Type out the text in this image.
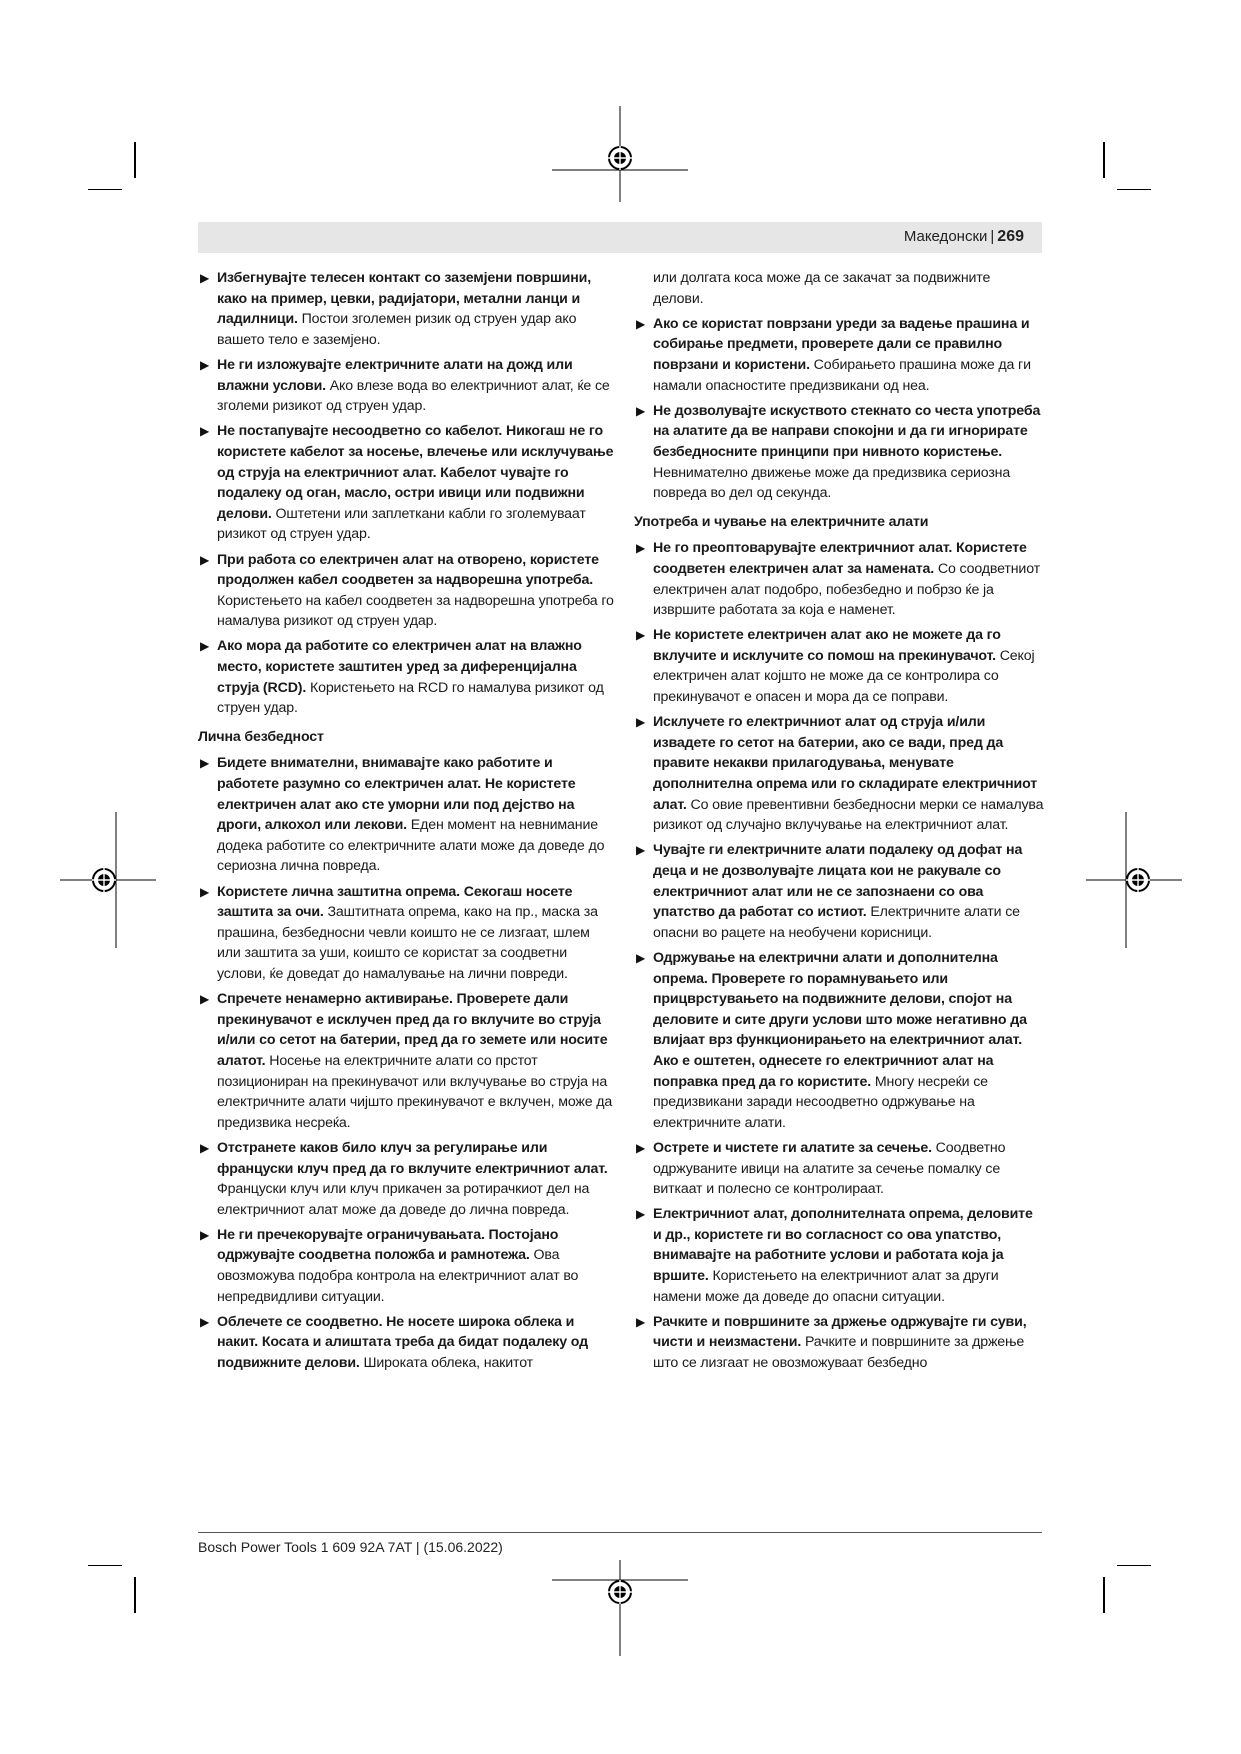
Македонски | 269
▶ Избегнувајте телесен контакт со заземјени површини, како на пример, цевки, радијатори, метални ланци и ладилници. Постои зголемен ризик од струен удар ако вашето тело е заземјено.
▶ Не ги изложувајте електричните алати на дожд или влажни услови. Ако влезе вода во електричниот алат, ќе се зголеми ризикот од струен удар.
▶ Не постапувајте несоодветно со кабелот. Никогаш не го користете кабелот за носење, влечење или исклучување од струја на електричниот алат. Кабелот чувајте го подалеку од оган, масло, остри ивици или подвижни делови. Оштетени или заплеткани кабли го зголемуваат ризикот од струен удар.
▶ При работа со електричен алат на отворено, користете продолжен кабел соодветен за надворешна употреба. Користењето на кабел соодветен за надворешна употреба го намалува ризикот од струен удар.
▶ Ако мора да работите со електричен алат на влажно место, користете заштитен уред за диференцијална струја (RCD). Користењето на RCD го намалува ризикот од струен удар.
Лична безбедност
▶ Бидете внимателни, внимавајте како работите и работете разумно со електричен алат. Не користете електричен алат ако сте уморни или под дејство на дроги, алкохол или лекови. Еден момент на невнимание додека работите со електричните алати може да доведе до сериозна лична повреда.
▶ Користете лична заштитна опрема. Секогаш носете заштита за очи. Заштитната опрема, како на пр., маска за прашина, безбедносни чевли коишто не се лизгаат, шлем или заштита за уши, коишто се користат за соодветни услови, ќе доведат до намалување на лични повреди.
▶ Спречете ненамерно активирање. Проверете дали прекинувачот е исклучен пред да го вклучите во струја и/или со сетот на батерии, пред да го земете или носите алатот. Носење на електричните алати со прстот позициониран на прекинувачот или вклучување во струја на електричните алати чијшто прекинувачот е вклучен, може да предизвика несреќа.
▶ Отстранете каков било клуч за регулирање или француски клуч пред да го вклучите електричниот алат. Француски клуч или клуч прикачен за ротирачкиот дел на електричниот алат може да доведе до лична повреда.
▶ Не ги пречекорувајте ограничувањата. Постојано одржувајте соодветна положба и рамнотежа. Ова овозможува подобра контрола на електричниот алат во непредвидливи ситуации.
▶ Облечете се соодветно. Не носете широка облека и накит. Косата и алиштата треба да бидат подалеку од подвижните делови. Широката облека, накитот
или долгата коса може да се закачат за подвижните делови.
▶ Ако се користат поврзани уреди за вадење прашина и собирање предмети, проверете дали се правилно поврзани и користени. Собирањето прашина може да ги намали опасностите предизвикани од неа.
▶ Не дозволувајте искуството стекнато со честа употреба на алатите да ве направи спокојни и да ги игнорирате безбедносните принципи при нивното користење. Невнимателно движење може да предизвика сериозна повреда во дел од секунда.
Употреба и чување на електричните алати
▶ Не го преоптоварувајте електричниот алат. Користете соодветен електричен алат за намената. Со соодветниот електричен алат подобро, побезбедно и побрзо ќе ја извршите работата за која е наменет.
▶ Не користете електричен алат ако не можете да го вклучите и исклучите со помош на прекинувачот. Секој електричен алат којшто не може да се контролира со прекинувачот е опасен и мора да се поправи.
▶ Исклучете го електричниот алат од струја и/или извадете го сетот на батерии, ако се вади, пред да правите некакви прилагодувања, менувате дополнителна опрема или го складирате електричниот алат. Со овие превентивни безбедносни мерки се намалува ризикот од случајно вклучување на електричниот алат.
▶ Чувајте ги електричните алати подалеку од дофат на деца и не дозволувајте лицата кои не ракувале со електричниот алат или не се запознаени со ова упатство да работат со истиот. Електричните алати се опасни во рацете на необучени корисници.
▶ Одржување на електрични алати и дополнителна опрема. Проверете го порамнувањето или прицврстувањето на подвижните делови, спојот на деловите и сите други услови што може негативно да влијаат врз функционирањето на електричниот алат. Ако е оштетен, однесете го електричниот алат на поправка пред да го користите. Многу несреќи се предизвикани заради несоодветно одржување на електричните алати.
▶ Острете и чистете ги алатите за сечење. Соодветно одржуваните ивици на алатите за сечење помалку се виткаат и полесно се контролираат.
▶ Електричниот алат, дополнителната опрема, деловите и др., користете ги во согласност со ова упатство, внимавајте на работните услови и работата која ја вршите. Користењето на електричниот алат за други намени може да доведе до опасни ситуации.
▶ Рачките и површините за држење одржувајте ги суви, чисти и неизмастени. Рачките и површините за држење што се лизгаат не овозможуваат безбедно
Bosch Power Tools 1 609 92A 7AT | (15.06.2022)
